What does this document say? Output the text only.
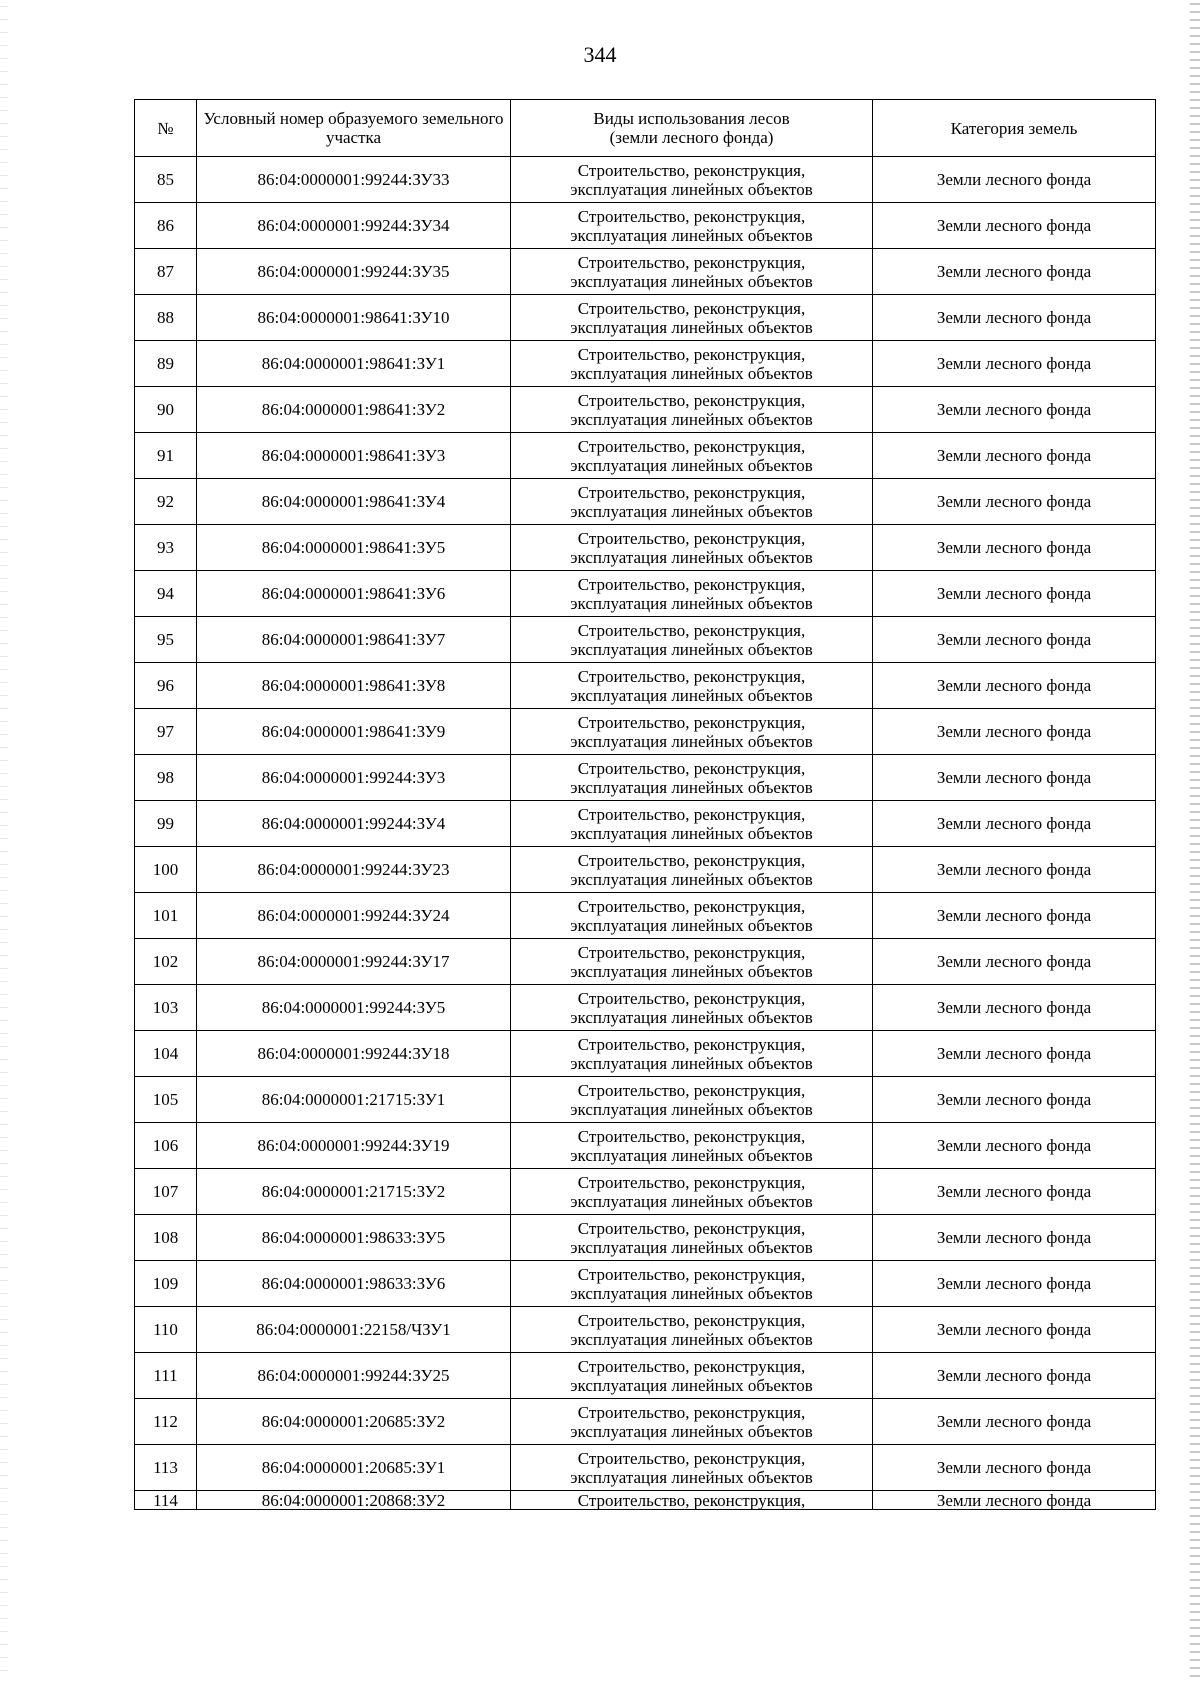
344
№	Условный номер образуемого земельного участка	Виды использования лесов
(земли лесного фонда)	Категория земель
85	86:04:0000001:99244:ЗУ33	Строительство, реконструкция,
эксплуатация линейных объектов	Земли лесного фонда
86	86:04:0000001:99244:ЗУ34	Строительство, реконструкция,
эксплуатация линейных объектов	Земли лесного фонда
87	86:04:0000001:99244:ЗУ35	Строительство, реконструкция,
эксплуатация линейных объектов	Земли лесного фонда
88	86:04:0000001:98641:ЗУ10	Строительство, реконструкция,
эксплуатация линейных объектов	Земли лесного фонда
89	86:04:0000001:98641:ЗУ1	Строительство, реконструкция,
эксплуатация линейных объектов	Земли лесного фонда
90	86:04:0000001:98641:ЗУ2	Строительство, реконструкция,
эксплуатация линейных объектов	Земли лесного фонда
91	86:04:0000001:98641:ЗУ3	Строительство, реконструкция,
эксплуатация линейных объектов	Земли лесного фонда
92	86:04:0000001:98641:ЗУ4	Строительство, реконструкция,
эксплуатация линейных объектов	Земли лесного фонда
93	86:04:0000001:98641:ЗУ5	Строительство, реконструкция,
эксплуатация линейных объектов	Земли лесного фонда
94	86:04:0000001:98641:ЗУ6	Строительство, реконструкция,
эксплуатация линейных объектов	Земли лесного фонда
95	86:04:0000001:98641:ЗУ7	Строительство, реконструкция,
эксплуатация линейных объектов	Земли лесного фонда
96	86:04:0000001:98641:ЗУ8	Строительство, реконструкция,
эксплуатация линейных объектов	Земли лесного фонда
97	86:04:0000001:98641:ЗУ9	Строительство, реконструкция,
эксплуатация линейных объектов	Земли лесного фонда
98	86:04:0000001:99244:ЗУ3	Строительство, реконструкция,
эксплуатация линейных объектов	Земли лесного фонда
99	86:04:0000001:99244:ЗУ4	Строительство, реконструкция,
эксплуатация линейных объектов	Земли лесного фонда
100	86:04:0000001:99244:ЗУ23	Строительство, реконструкция,
эксплуатация линейных объектов	Земли лесного фонда
101	86:04:0000001:99244:ЗУ24	Строительство, реконструкция,
эксплуатация линейных объектов	Земли лесного фонда
102	86:04:0000001:99244:ЗУ17	Строительство, реконструкция,
эксплуатация линейных объектов	Земли лесного фонда
103	86:04:0000001:99244:ЗУ5	Строительство, реконструкция,
эксплуатация линейных объектов	Земли лесного фонда
104	86:04:0000001:99244:ЗУ18	Строительство, реконструкция,
эксплуатация линейных объектов	Земли лесного фонда
105	86:04:0000001:21715:ЗУ1	Строительство, реконструкция,
эксплуатация линейных объектов	Земли лесного фонда
106	86:04:0000001:99244:ЗУ19	Строительство, реконструкция,
эксплуатация линейных объектов	Земли лесного фонда
107	86:04:0000001:21715:ЗУ2	Строительство, реконструкция,
эксплуатация линейных объектов	Земли лесного фонда
108	86:04:0000001:98633:ЗУ5	Строительство, реконструкция,
эксплуатация линейных объектов	Земли лесного фонда
109	86:04:0000001:98633:ЗУ6	Строительство, реконструкция,
эксплуатация линейных объектов	Земли лесного фонда
110	86:04:0000001:22158/ЧЗУ1	Строительство, реконструкция,
эксплуатация линейных объектов	Земли лесного фонда
111	86:04:0000001:99244:ЗУ25	Строительство, реконструкция,
эксплуатация линейных объектов	Земли лесного фонда
112	86:04:0000001:20685:ЗУ2	Строительство, реконструкция,
эксплуатация линейных объектов	Земли лесного фонда
113	86:04:0000001:20685:ЗУ1	Строительство, реконструкция,
эксплуатация линейных объектов	Земли лесного фонда
114	86:04:0000001:20868:ЗУ2	Строительство, реконструкция,	Земли лесного фонда
